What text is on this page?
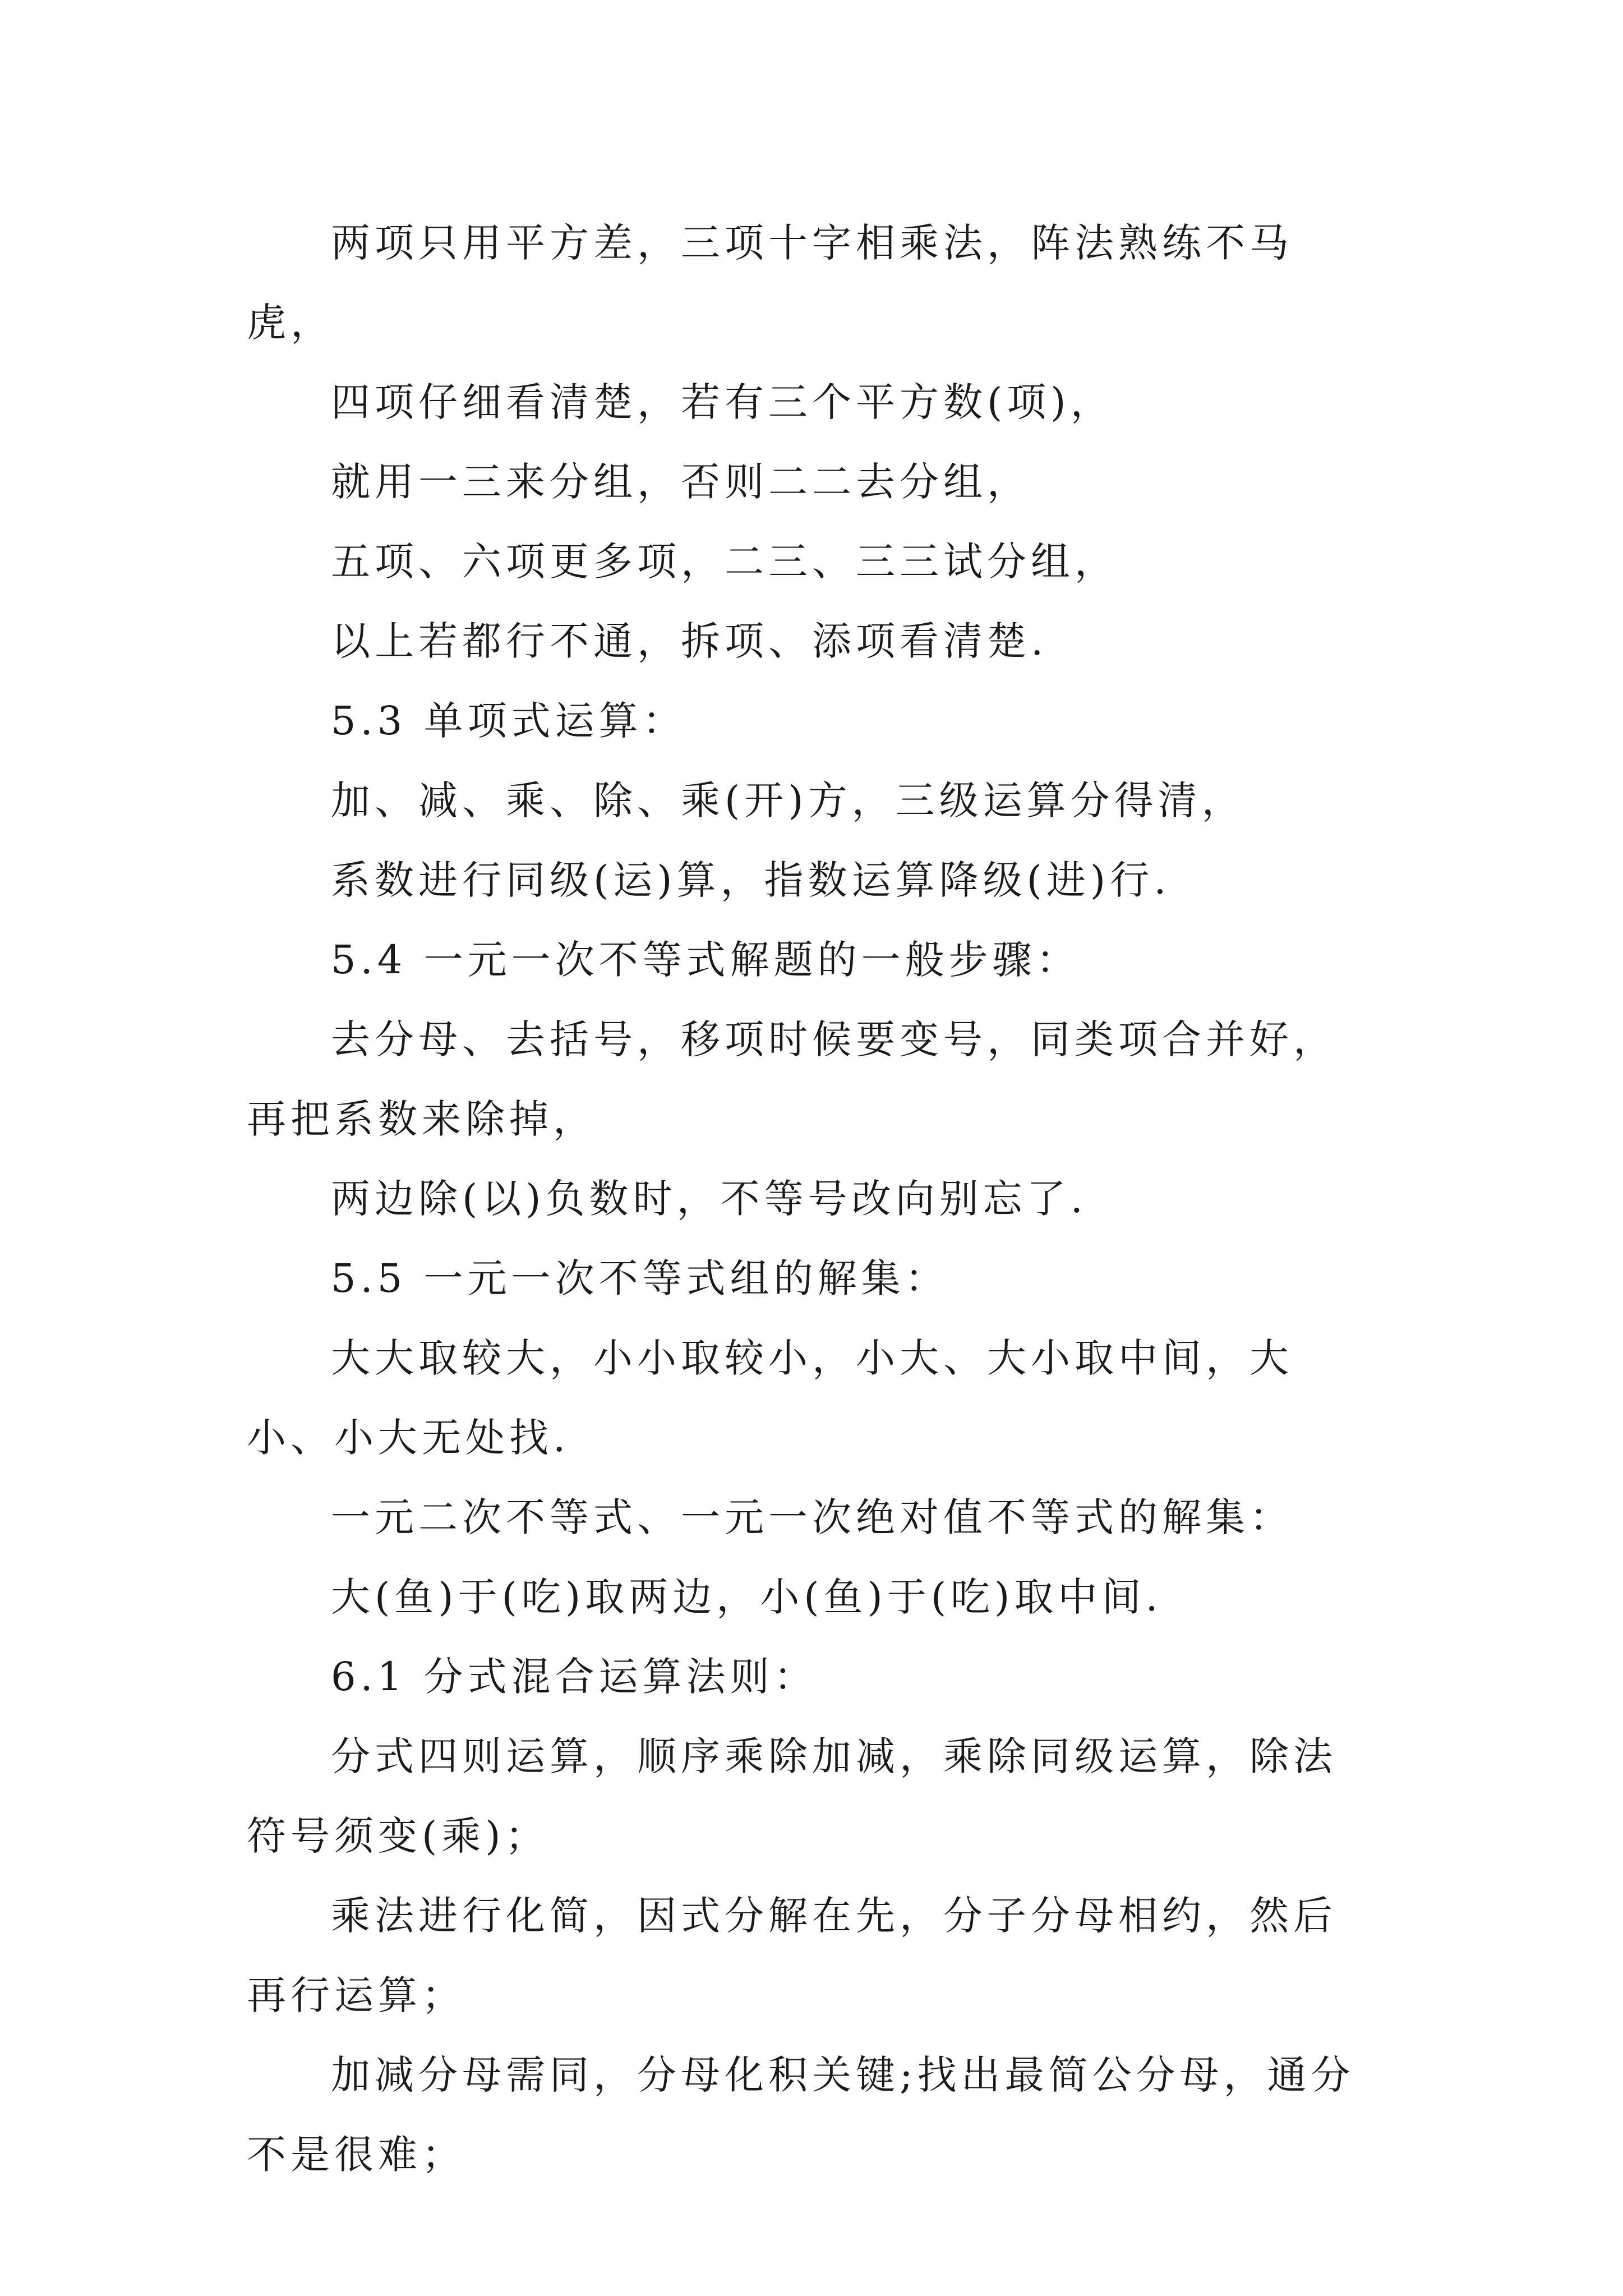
两项只用平方差，三项十字相乘法，阵法熟练不马虎，

四项仔细看清楚，若有三个平方数(项)，

就用一三来分组，否则二二去分组，

五项、六项更多项，二三、三三试分组，

以上若都行不通，拆项、添项看清楚.

5.3 单项式运算：

加、减、乘、除、乘(开)方，三级运算分得清，

系数进行同级(运)算，指数运算降级(进)行.

5.4 一元一次不等式解题的一般步骤：

去分母、去括号，移项时候要变号，同类项合并好，再把系数来除掉，

两边除(以)负数时，不等号改向别忘了.

5.5 一元一次不等式组的解集：

大大取较大，小小取较小，小大、大小取中间，大小、小大无处找.

一元二次不等式、一元一次绝对值不等式的解集：

大(鱼)于(吃)取两边，小(鱼)于(吃)取中间.

6.1 分式混合运算法则：

分式四则运算，顺序乘除加减，乘除同级运算，除法符号须变(乘)；

乘法进行化简，因式分解在先，分子分母相约，然后再行运算；

加减分母需同，分母化积关键;找出最简公分母，通分不是很难；
